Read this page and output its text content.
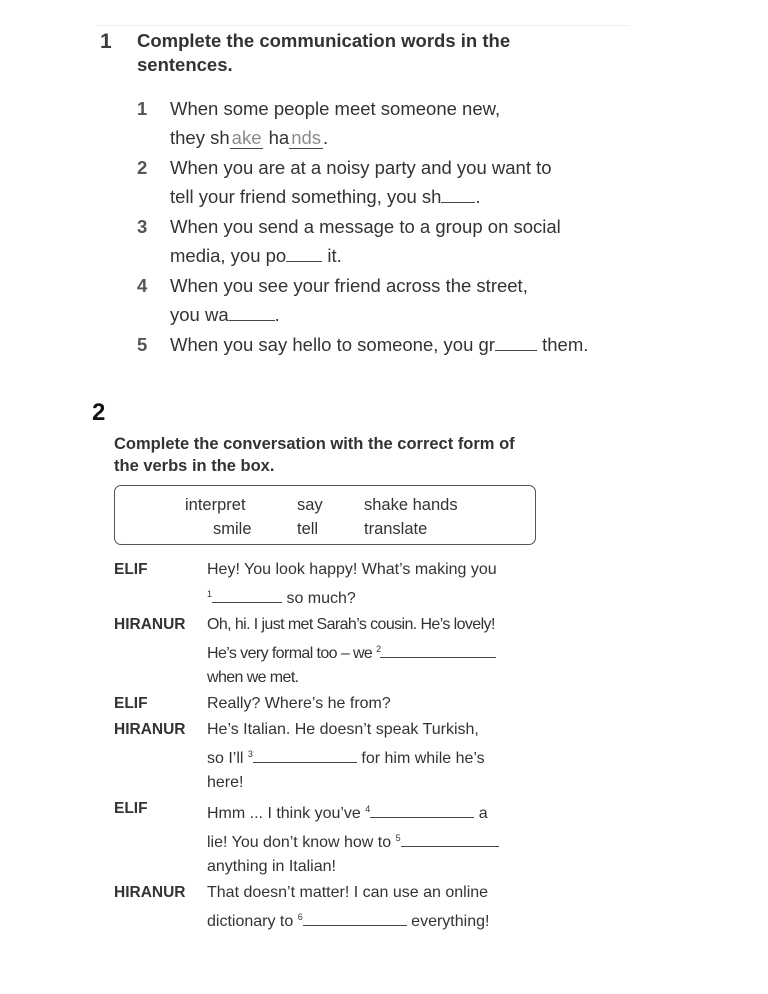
1 Complete the communication words in the sentences.
1	When some people meet someone new,
they sh ake ha nds .
2	When you are at a noisy party and you want to
tell your friend something, you sh .
3	When you send a message to a group on social
media, you po it.
4	When you see your friend across the street,
you wa .
5	When you say hello to someone, you gr them.
2
Complete the conversation with the correct form of the verbs in the box.
interpret	say	shake hands
smile	tell	translate
ELIF	Hey! You look happy! What’s making you
$^1$	so much?
HIRANUR Oh, hi. I just met Sarah’s cousin. He’s lovely!
He’s very formal too – we $^2$
when we met.
ELIF	Really? Where’s he from?
HIRANUR He’s Italian. He doesn’t speak Turkish,
so I’ll $^3$	for him while he’s
here!
ELIF	Hmm ... I think you’ve $^4$	a
lie! You don’t know how to $^5$
anything in Italian!
HIRANUR That doesn’t matter! I can use an online
dictionary to $^6$	everything!
